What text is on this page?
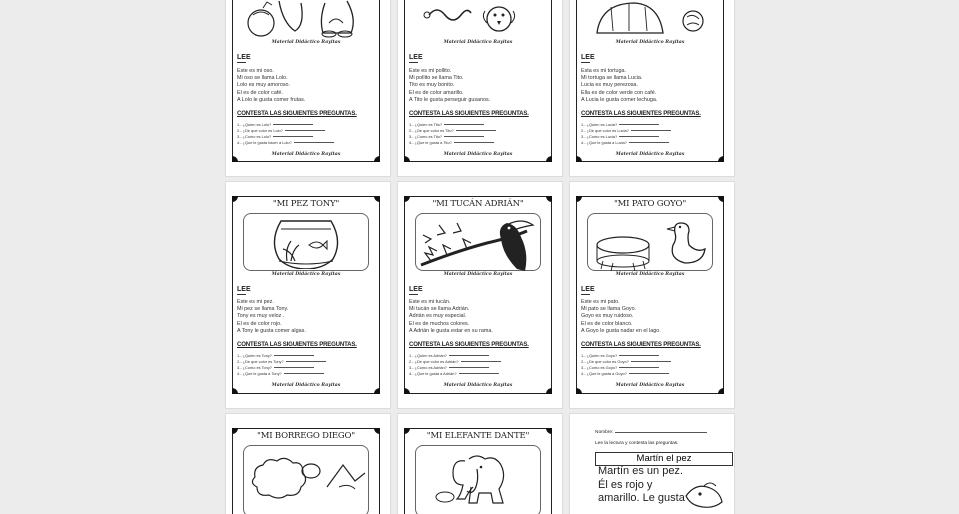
Material Didáctico Rayitas
LEE
Este es mi oso.
Mi oso se llama Lolo.
Lolo es muy amoroso.
El es de color café.
A Lolo le gusta comer frutas.
CONTESTA LAS SIGUIENTES PREGUNTAS.
1.- ¿Quien es Lolo?
2.- ¿De que color es Lolo?
3.- ¿Como es Lolo?
4.- ¿Que le gusta hacer a Lolo?
Material Didáctico Rayitas
Material Didáctico Rayitas
LEE
Este es mi pollito.
Mi pollito se llama Tito.
Tito es muy bonito.
El es de color amarillo.
A Tito le gusta perseguir gusanos.
CONTESTA LAS SIGUIENTES PREGUNTAS.
1.- ¿Quien es Tito?
2.- ¿De que color es Tito?
3.- ¿Como es Tito?
4.- ¿Que le gusta a Tito?
Material Didáctico Rayitas
Material Didáctico Rayitas
LEE
Esta es mi tortuga.
Mi tortuga se llama Lucia.
Lucia es muy perezosa.
Ella es de color verde con café.
A Lucia le gusta comer lechuga.
CONTESTA LAS SIGUIENTES PREGUNTAS.
1.- ¿Quien es Lucia?
2.- ¿De que color es Lucia?
3.- ¿Como es Lucia?
4.- ¿Que le gusta a Lucia?
Material Didáctico Rayitas
"MI PEZ TONY"
Material Didáctico Rayitas
LEE
Este es mi pez.
Mi pez se llama Tony.
Tony es muy veloz .
El es de color rojo.
A Tony le gusta comer algas.
CONTESTA LAS SIGUIENTES PREGUNTAS.
1.- ¿Quien es Tony?
2.- ¿De que color es Tony?
3.- ¿Como es Tony?
4.- ¿Que le gusta a Tony?
Material Didáctico Rayitas
"MI TUCÁN ADRIÁN"
Material Didáctico Rayitas
LEE
Este es mi tucán.
Mi tucán se llama Adrián.
Adrián es muy especial.
El es de muchos colores.
A Adrián le gusta estar en su rama.
CONTESTA LAS SIGUIENTES PREGUNTAS.
1.- ¿Quien es Adrián?
2.- ¿De que color es Adrián?
3.- ¿Como es Adrián?
4.- ¿Que le gusta a Adrián?
Material Didáctico Rayitas
"MI PATO GOYO"
Material Didáctico Rayitas
LEE
Este es mi pato.
Mi pato se llama Goyo.
Goyo es muy ruidoso.
El es de color blanco.
A Goyo le gusta nadar en el lago.
CONTESTA LAS SIGUIENTES PREGUNTAS.
1.- ¿Quien es Goyo?
2.- ¿De que color es Goyo?
3.- ¿Como es Goyo?
4.- ¿Que le gusta a Goyo?
Material Didáctico Rayitas
"MI BORREGO DIEGO"	"MI ELEFANTE DANTE"	Nombre:
Lee la lectura y contesta las preguntas.
Martín el pez
Martín es un pez.
Él es rojo y
amarillo. Le gusta
